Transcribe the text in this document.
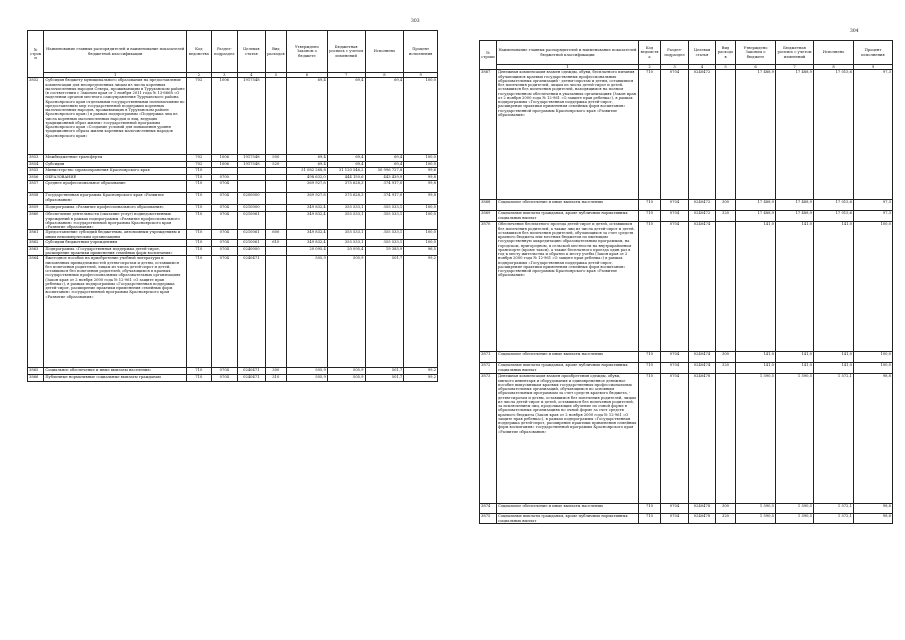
303
№ строки	Наименование главных распорядителей и наименование показателей бюджетной классификации	Код ведомства	Раздел-подраздел	Целевая статья	Вид расходов	Утверждено Законом о бюджете	Бюджетная роспись с учетом изменений	Исполнено	Процент исполнения
	1	2	3	4	5	6	7	8	9
3852	Субсидия бюджету муниципального образования на предоставление компенсации для неопределенных лицам из числа коренных малочисленных народов Севера, проживающим в Туруханском районе (в соответствии с Законом края от 1 ноября 2011 года № 13-6668 «О наделении органов местного самоуправления Туруханского района Красноярского края отдельными государственными полномочиями по предоставлению мер государственной поддержки коренных малочисленных народов, проживающих в Туруханском районе Красноярского края») в рамках подпрограммы «Поддержка лиц из числа коренных малочисленных народов и лиц, ведущих традиционный образ жизни» государственной программы Красноярского края «Создание условий для повышения уровня традиционного образа жизни коренных малочисленных народов Красноярского края»	702	1006	1917548		69,4	69,4	69,4	100,0
3853	Межбюджетные трансферты	702	1006	1917548	500	69,4	69,4	69,4	100,0
3854	Субсидии	702	1006	1917548	520	69,4	69,4	69,4	100,0
3855	Министерство здравоохранения Красноярского края	710				31 082 268,8	31 120 546,2	30 996 727,8	99,6
3856	ОБРАЗОВАНИЕ	710	0700			498 632,0	444 150,6	443 439,9	99,8
3857	Среднее профессиональное образование	710	0704			369 927,8	375 628,3	374 917,0	99,8
3858	Государственная программа Красноярского края «Развитие образования»	710	0704	0200000		369 927,8	375 628,3	374 917,0	99,8
3859	Подпрограмма «Развитие профессионального образования»	710	0704	0210000		349 832,4	355 533,1	355 533,1	100,0
3860	Обеспечение деятельности (оказание услуг) подведомственных учреждений в рамках подпрограммы «Развитие профессионального образования» государственной программы Красноярского края «Развитие образования»	710	0704	0210061		349 832,4	355 533,1	355 533,1	100,0
3861	Предоставление субсидий бюджетным, автономным учреждениям и иным некоммерческим организациям	710	0704	0210061	600	349 832,4	355 533,1	355 533,1	100,0
3862	Субсидии бюджетным учреждениям	710	0704	0210061	610	349 832,4	355 533,1	355 533,1	100,0
3863	Подпрограмма «Государственная поддержка детей-сирот, расширение практики применения семейных форм воспитания»	710	0704	0240000		20 095,4	20 095,4	19 383,9	96,5
3864	Ежегодное пособие на приобретение учебной литературы и письменных принадлежностей детям-сиротам и детям, оставшимся без попечения родителей, лицам из числа детей-сирот и детей, оставшихся без попечения родителей, обучающимся в краевых государственных профессиональных образовательных организациях (Закон края от 2 ноября 2000 года № 12-961 «О защите прав ребенка»), в рамках подпрограммы «Государственная поддержка детей-сирот, расширение практики применения семейных форм воспитания» государственной программы Красноярского края «Развитие образования»	710	0704	0240471		505,9	505,9	501,7	99,2
3865	Социальное обеспечение и иные выплаты населению	710	0704	0240471	300	505,9	505,9	501,7	99,2
3866	Публичные нормативные социальные выплаты гражданам	710	0704	0240471	310	505,9	505,9	501,7	99,2
304
№ строки	Наименование главных распорядителей и наименование показателей бюджетной классификации	Код ведомства	Раздел-подраздел	Целевая статья	Вид расходов	Утверждено Законом о бюджете	Бюджетная роспись с учетом изменений	Исполнено	Процент исполнения
	1	2	3	4	5	6	7	8	9
3867	Денежная компенсация взамен одежды, обуви, бесплатного питания обучающимся краевых государственных профессиональных образовательных организаций - детям-сиротам и детям, оставшимся без попечения родителей, лицам из числа детей-сирот и детей, оставшихся без попечения родителей, находящимся на полном государственном обеспечении в указанных организациях (Закон края от 2 ноября 2000 года № 12-961 «О защите прав ребенка»), в рамках подпрограммы «Государственная поддержка детей-сирот, расширение практики применения семейных форм воспитания» государственной программы Красноярского края «Развитие образования»	710	0704	0240472		17 488,9	17 488,9	17 015,6	97,3
3868	Социальное обеспечение и иные выплаты населению	710	0704	0240472	300	17 488,9	17 488,9	17 015,6	97,3
3869	Социальные выплаты гражданам, кроме публичных нормативных социальных выплат	710	0704	0240472	320	17 488,9	17 488,9	17 015,6	97,3
3870	Обеспечение бесплатного проезда детей-сирот и детей, оставшихся без попечения родителей, а также лиц из числа детей-сирот и детей, оставшихся без попечения родителей, обучающихся за счет средств краевого бюджета или местных бюджетов по имеющим государственную аккредитацию образовательным программам, на городском, пригородном, в сельской местности на внутрирайонном транспорте (кроме такси), а также бесплатного проезда один раз в год к месту жительства и обратно к месту учебы (Закон края от 2 ноября 2000 года № 12-961 «О защите прав ребенка») в рамках подпрограммы «Государственная поддержка детей-сирот, расширение практики применения семейных форм воспитания» государственной программы Красноярского края «Развитие образования»	710	0704	0240474		141,0	141,0	141,0	100,0
3871	Социальное обеспечение и иные выплаты населению	710	0704	0240474	300	141,0	141,0	141,0	100,0
3872	Социальные выплаты гражданам, кроме публичных нормативных социальных выплат	710	0704	0240474	320	141,0	141,0	141,0	100,0
3873	Денежная компенсация взамен приобретения одежды, обуви, мягкого инвентаря и оборудования и единовременное денежное пособие выпускникам краевых государственных профессиональных образовательных организаций, обучающимся по основным образовательным программам за счет средств краевого бюджета, - детям-сиротам и детям, оставшимся без попечения родителей, лицам из числа детей-сирот и детей, оставшихся без попечения родителей, за исключением лиц, продолжающих обучение по очной форме в образовательных организациях по очной форме за счет средств краевого бюджета (Закон края от 2 ноября 2000 года № 12-961 «О защите прав ребенка»), в рамках подпрограммы «Государственная поддержка детей-сирот, расширение практики применения семейных форм воспитания» государственной программы Красноярского края «Развитие образования»	710	0704	0240478		1 590,5	1 590,5	1 572,1	98,8
3874	Социальное обеспечение и иные выплаты населению	710	0704	0240478	300	1 590,5	1 590,5	1 572,1	98,8
3875	Социальные выплаты гражданам, кроме публичных нормативных социальных выплат	710	0704	0240478	320	1 590,5	1 590,5	1 572,1	98,8
